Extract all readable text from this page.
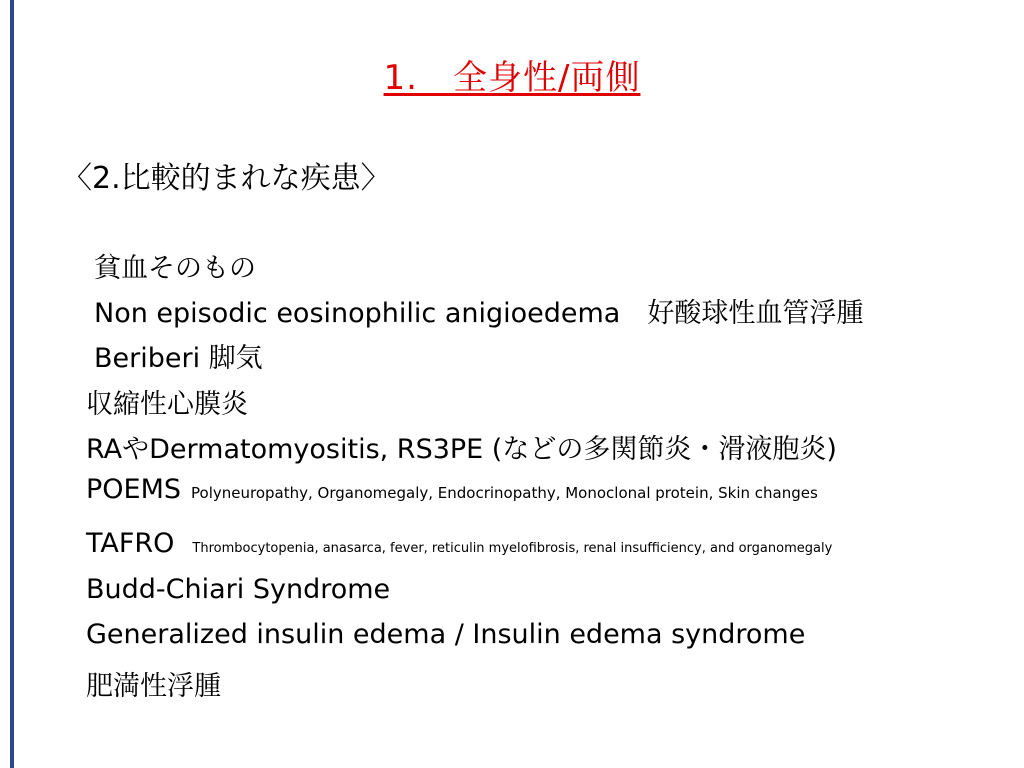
1.　全身性/両側
〈2.比較的まれな疾患〉
貧血そのもの
Non episodic eosinophilic anigioedema　好酸球性血管浮腫
Beriberi 脚気
収縮性心膜炎
RAやDermatomyositis, RS3PE (などの多関節炎・滑液胞炎)
POEMS Polyneuropathy, Organomegaly, Endocrinopathy, Monoclonal protein, Skin changes
TAFRO Thrombocytopenia, anasarca, fever, reticulin myelofibrosis, renal insufficiency, and organomegaly
Budd-Chiari Syndrome
Generalized insulin edema / Insulin edema syndrome
肥満性浮腫
